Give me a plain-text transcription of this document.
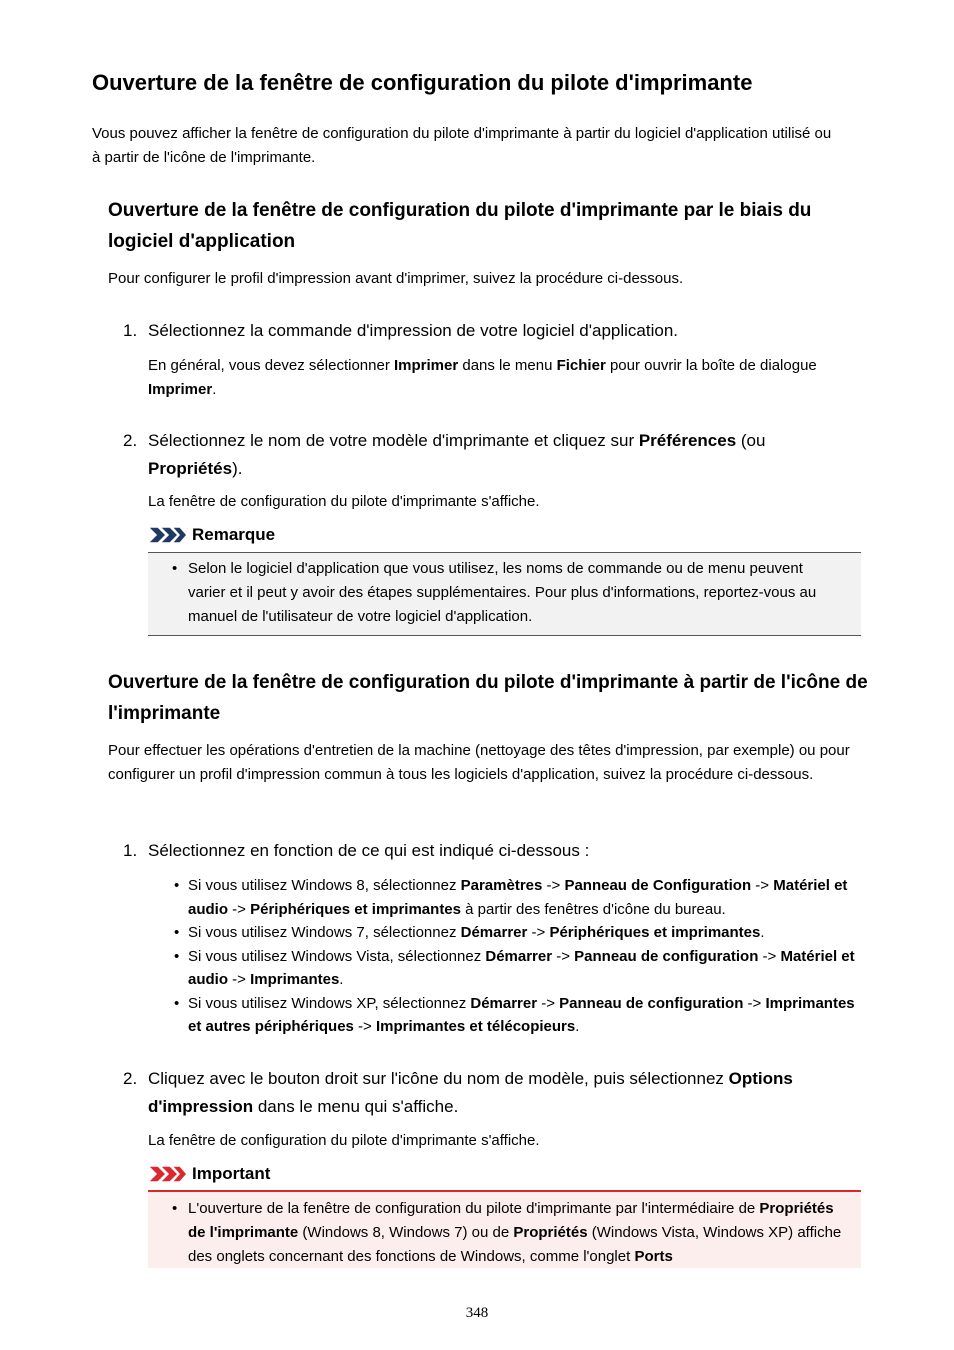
Ouverture de la fenêtre de configuration du pilote d'imprimante

Vous pouvez afficher la fenêtre de configuration du pilote d'imprimante à partir du logiciel d'application utilisé ou à partir de l'icône de l'imprimante.

Ouverture de la fenêtre de configuration du pilote d'imprimante par le biais du logiciel d'application

Pour configurer le profil d'impression avant d'imprimer, suivez la procédure ci-dessous.

1. Sélectionnez la commande d'impression de votre logiciel d'application.

En général, vous devez sélectionner Imprimer dans le menu Fichier pour ouvrir la boîte de dialogue Imprimer.

2. Sélectionnez le nom de votre modèle d'imprimante et cliquez sur Préférences (ou Propriétés).

La fenêtre de configuration du pilote d'imprimante s'affiche.

Remarque
• Selon le logiciel d'application que vous utilisez, les noms de commande ou de menu peuvent varier et il peut y avoir des étapes supplémentaires. Pour plus d'informations, reportez-vous au manuel de l'utilisateur de votre logiciel d'application.
Ouverture de la fenêtre de configuration du pilote d'imprimante à partir de l'icône de l'imprimante

Pour effectuer les opérations d'entretien de la machine (nettoyage des têtes d'impression, par exemple) ou pour configurer un profil d'impression commun à tous les logiciels d'application, suivez la procédure ci-dessous.

1. Sélectionnez en fonction de ce qui est indiqué ci-dessous :

• Si vous utilisez Windows 8, sélectionnez Paramètres -> Panneau de Configuration -> Matériel et audio -> Périphériques et imprimantes à partir des fenêtres d'icône du bureau.
• Si vous utilisez Windows 7, sélectionnez Démarrer -> Périphériques et imprimantes.
• Si vous utilisez Windows Vista, sélectionnez Démarrer -> Panneau de configuration -> Matériel et audio -> Imprimantes.
• Si vous utilisez Windows XP, sélectionnez Démarrer -> Panneau de configuration -> Imprimantes et autres périphériques -> Imprimantes et télécopieurs.

2. Cliquez avec le bouton droit sur l'icône du nom de modèle, puis sélectionnez Options d'impression dans le menu qui s'affiche.

La fenêtre de configuration du pilote d'imprimante s'affiche.

Important
• L'ouverture de la fenêtre de configuration du pilote d'imprimante par l'intermédiaire de Propriétés de l'imprimante (Windows 8, Windows 7) ou de Propriétés (Windows Vista, Windows XP) affiche des onglets concernant des fonctions de Windows, comme l'onglet Ports
348
